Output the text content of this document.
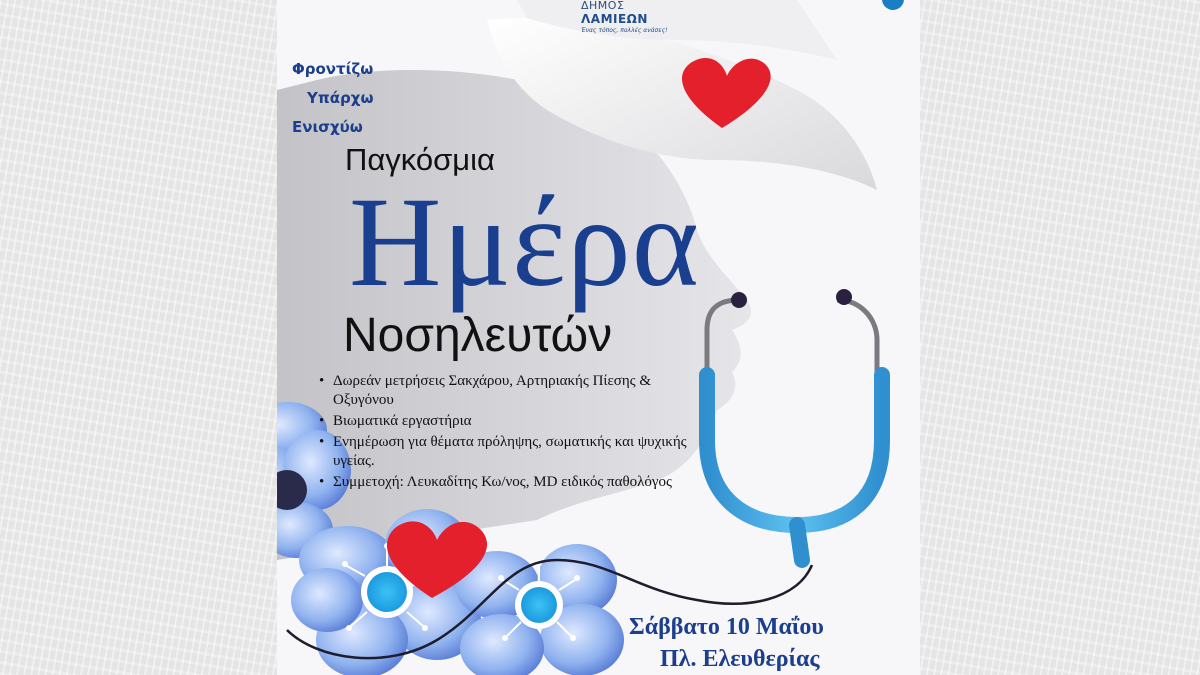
ΔΗΜΟΣ
ΛΑΜΙΕΩΝ
Ένας τόπος, πολλές ανάσες!
Φροντίζω
Υπάρχω
Ενισχύω
Παγκόσμια
Ημέρα
Νοσηλευτών
• Δωρεάν μετρήσεις Σακχάρου, Αρτηριακής Πίεσης & Οξυγόνου
• Βιωματικά εργαστήρια
• Ενημέρωση για θέματα πρόληψης, σωματικής και ψυχικής υγείας.
• Συμμετοχή: Λευκαδίτης Κω/νος, MD ειδικός παθολόγος
Σάββατο 10 Μαΐου
Πλ. Ελευθερίας
